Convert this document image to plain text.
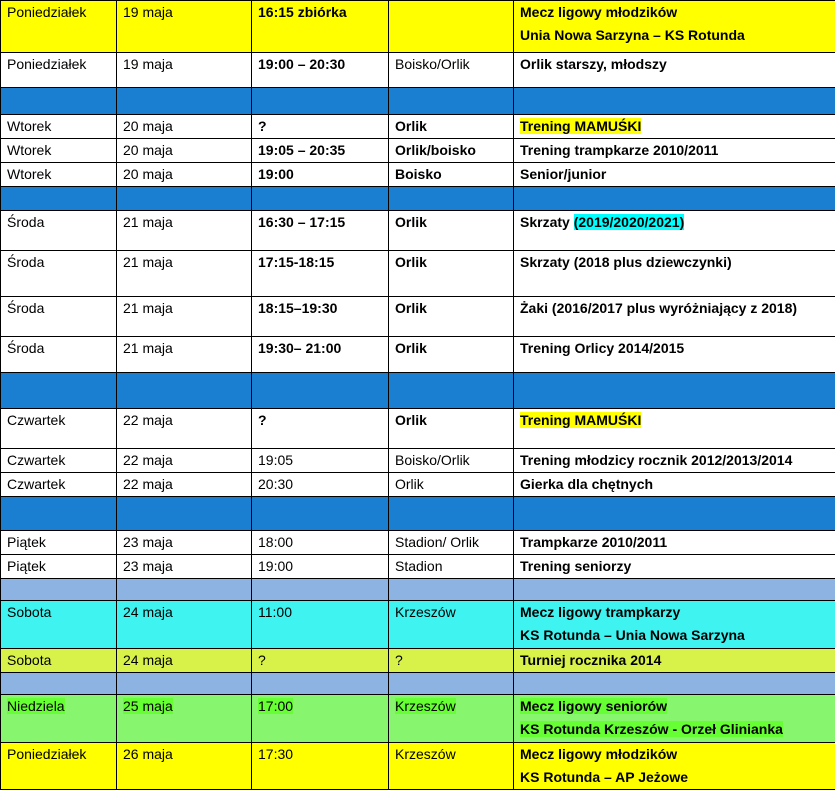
Poniedziałek	19 maja	16:15 zbiórka		Mecz ligowy młodzików
Unia Nowa Sarzyna – KS Rotunda

Poniedziałek	19 maja	19:00 – 20:30	Boisko/Orlik	Orlik starszy, młodszy

Wtorek	20 maja	?	Orlik	Trening MAMUŚKI

Wtorek	20 maja	19:05 – 20:35	Orlik/boisko	Trening trampkarze 2010/2011

Wtorek	20 maja	19:00	Boisko	Senior/junior

Środa	21 maja	16:30 – 17:15	Orlik	Skrzaty (2019/2020/2021)

Środa	21 maja	17:15-18:15	Orlik	Skrzaty (2018 plus dziewczynki)

Środa	21 maja	18:15–19:30	Orlik	Żaki (2016/2017 plus wyróżniający z 2018)

Środa	21 maja	19:30– 21:00	Orlik	Trening Orlicy 2014/2015

Czwartek	22 maja	?	Orlik	Trening MAMUŚKI

Czwartek	22 maja	19:05	Boisko/Orlik	Trening młodzicy rocznik 2012/2013/2014

Czwartek	22 maja	20:30	Orlik	Gierka dla chętnych

Piątek	23 maja	18:00	Stadion/ Orlik	Trampkarze 2010/2011

Piątek	23 maja	19:00	Stadion	Trening seniorzy

Sobota	24 maja	11:00	Krzeszów	Mecz ligowy trampkarzy
KS Rotunda – Unia Nowa Sarzyna

Sobota	24 maja	?	?	Turniej rocznika 2014

Niedziela	25 maja	17:00	Krzeszów	Mecz ligowy seniorów
KS Rotunda Krzeszów - Orzeł Glinianka

Poniedziałek	26 maja	17:30	Krzeszów	Mecz ligowy młodzików
KS Rotunda – AP Jeżowe
